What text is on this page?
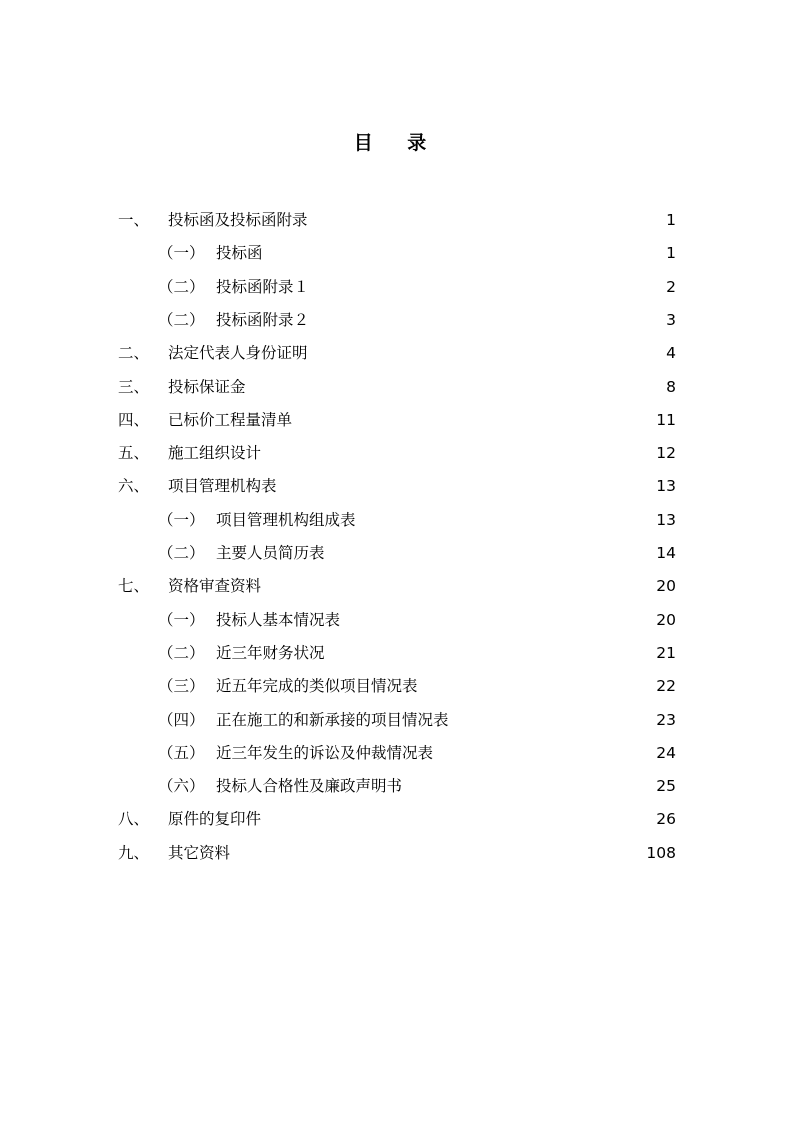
目 录
一、	投标函及投标函附录	1
（一） 投标函	1
（二） 投标函附录１	2
（二） 投标函附录２	3
二、	法定代表人身份证明	4
三、	投标保证金	8
四、	已标价工程量清单	11
五、	施工组织设计	12
六、	项目管理机构表	13
（一） 项目管理机构组成表	13
（二） 主要人员简历表	14
七、	资格审查资料	20
（一） 投标人基本情况表	20
（二） 近三年财务状况	21
（三） 近五年完成的类似项目情况表	22
（四） 正在施工的和新承接的项目情况表	23
（五） 近三年发生的诉讼及仲裁情况表	24
（六） 投标人合格性及廉政声明书	25
八、	原件的复印件	26
九、	其它资料	108
